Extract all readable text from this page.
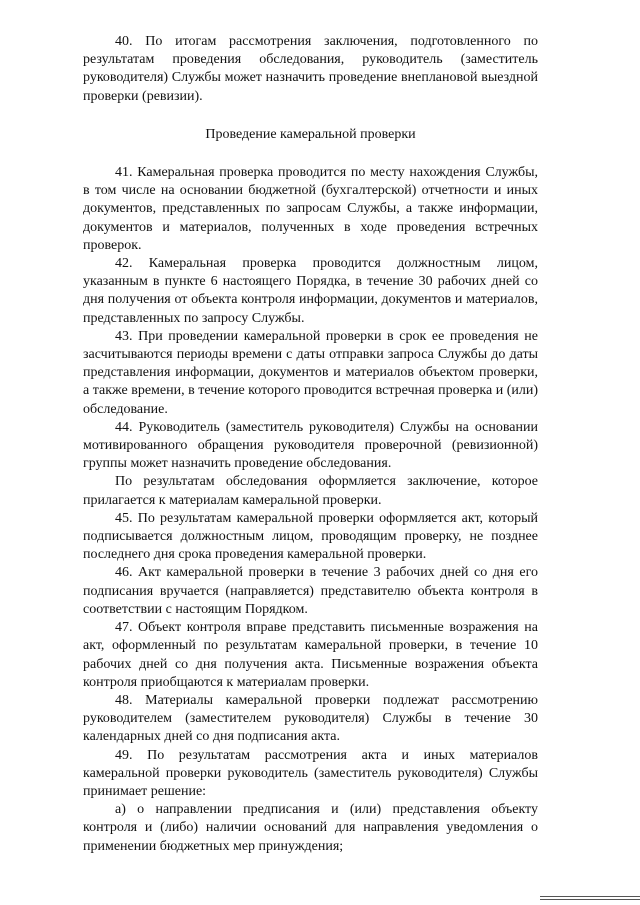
40. По итогам рассмотрения заключения, подготовленного по результатам проведения обследования, руководитель (заместитель руководителя) Службы может назначить проведение внеплановой выездной проверки (ревизии).

Проведение камеральной проверки

41. Камеральная проверка проводится по месту нахождения Службы, в том числе на основании бюджетной (бухгалтерской) отчетности и иных документов, представленных по запросам Службы, а также информации, документов и материалов, полученных в ходе проведения встречных проверок.

42. Камеральная проверка проводится должностным лицом, указанным в пункте 6 настоящего Порядка, в течение 30 рабочих дней со дня получения от объекта контроля информации, документов и материалов, представленных по запросу Службы.

43. При проведении камеральной проверки в срок ее проведения не засчитываются периоды времени с даты отправки запроса Службы до даты представления информации, документов и материалов объектом проверки, а также времени, в течение которого проводится встречная проверка и (или) обследование.

44. Руководитель (заместитель руководителя) Службы на основании мотивированного обращения руководителя проверочной (ревизионной) группы может назначить проведение обследования.

По результатам обследования оформляется заключение, которое прилагается к материалам камеральной проверки.

45. По результатам камеральной проверки оформляется акт, который подписывается должностным лицом, проводящим проверку, не позднее последнего дня срока проведения камеральной проверки.

46. Акт камеральной проверки в течение 3 рабочих дней со дня его подписания вручается (направляется) представителю объекта контроля в соответствии с настоящим Порядком.

47. Объект контроля вправе представить письменные возражения на акт, оформленный по результатам камеральной проверки, в течение 10 рабочих дней со дня получения акта. Письменные возражения объекта контроля приобщаются к материалам проверки.

48. Материалы камеральной проверки подлежат рассмотрению руководителем (заместителем руководителя) Службы в течение 30 календарных дней со дня подписания акта.

49. По результатам рассмотрения акта и иных материалов камеральной проверки руководитель (заместитель руководителя) Службы принимает решение:

а) о направлении предписания и (или) представления объекту контроля и (либо) наличии оснований для направления уведомления о применении бюджетных мер принуждения;
